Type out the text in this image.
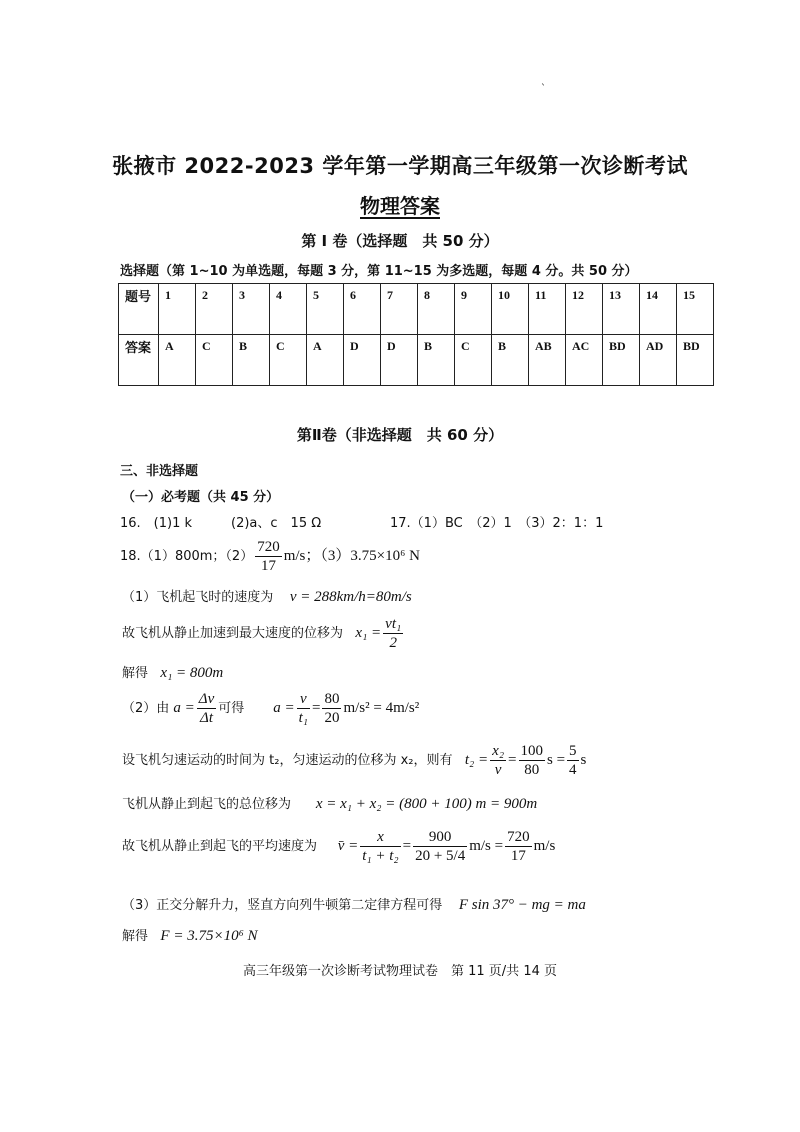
`
张掖市 2022-2023 学年第一学期高三年级第一次诊断考试
物理答案
第 I 卷（选择题　共 50 分）
选择题（第 1~10 为单选题，每题 3 分，第 11~15 为多选题，每题 4 分。共 50 分）
题号	1	2	3	4	5	6	7	8	9	10	11	12	13	14	15
答案	A	C	B	C	A	D	D	B	C	B	AB	AC	BD	AD	BD
第Ⅱ卷（非选择题　共 60 分）
三、非选择题
（一）必考题（共 45 分）
16.　(1)1 k　　　(2)a、c　15 Ω	17.（1）BC　（2）1　（3）2：1：1
18.（1）800m；$(2) \frac{720}{17} m/s$；（3）3.75×10⁶ N
（1）飞机起飞时的速度为 v = 288km/h=80m/s
故飞机从静止加速到最大速度的位移为 $x_1 = \frac{\text{vt₁}}{2}$
解得 x₁ = 800m
（2）由 $a = \frac{\Delta v}{\Delta t}$ 可得 $a = \frac{v}{\text{t₁}} = \frac{80}{20} m/s^2 = 4m/s^2$
设飞机匀速运动的时间为 t₂，匀速运动的位移为 x₂，则有 $t_2 = \frac{\text{x₂}}{v} = \frac{100}{80}$ $s = \frac{5}{4}$ s
飞机从静止到起飞的总位移为 x = x₁ + x₂ = (800 + 100) m = 900m
故飞机从静止到起飞的平均速度为 v̄ = $\frac{x}{\text{t₁ + t₂}} = \frac{900}{20 + 5/4} m/s = \frac{720}{17} m/s$
（3）正交分解升力，竖直方向列牛顿第二定律方程可得 F sin 37° − mg = ma
解得 F = 3.75×10⁶ N
高三年级第一次诊断考试物理试卷　第 11 页/共 14 页
